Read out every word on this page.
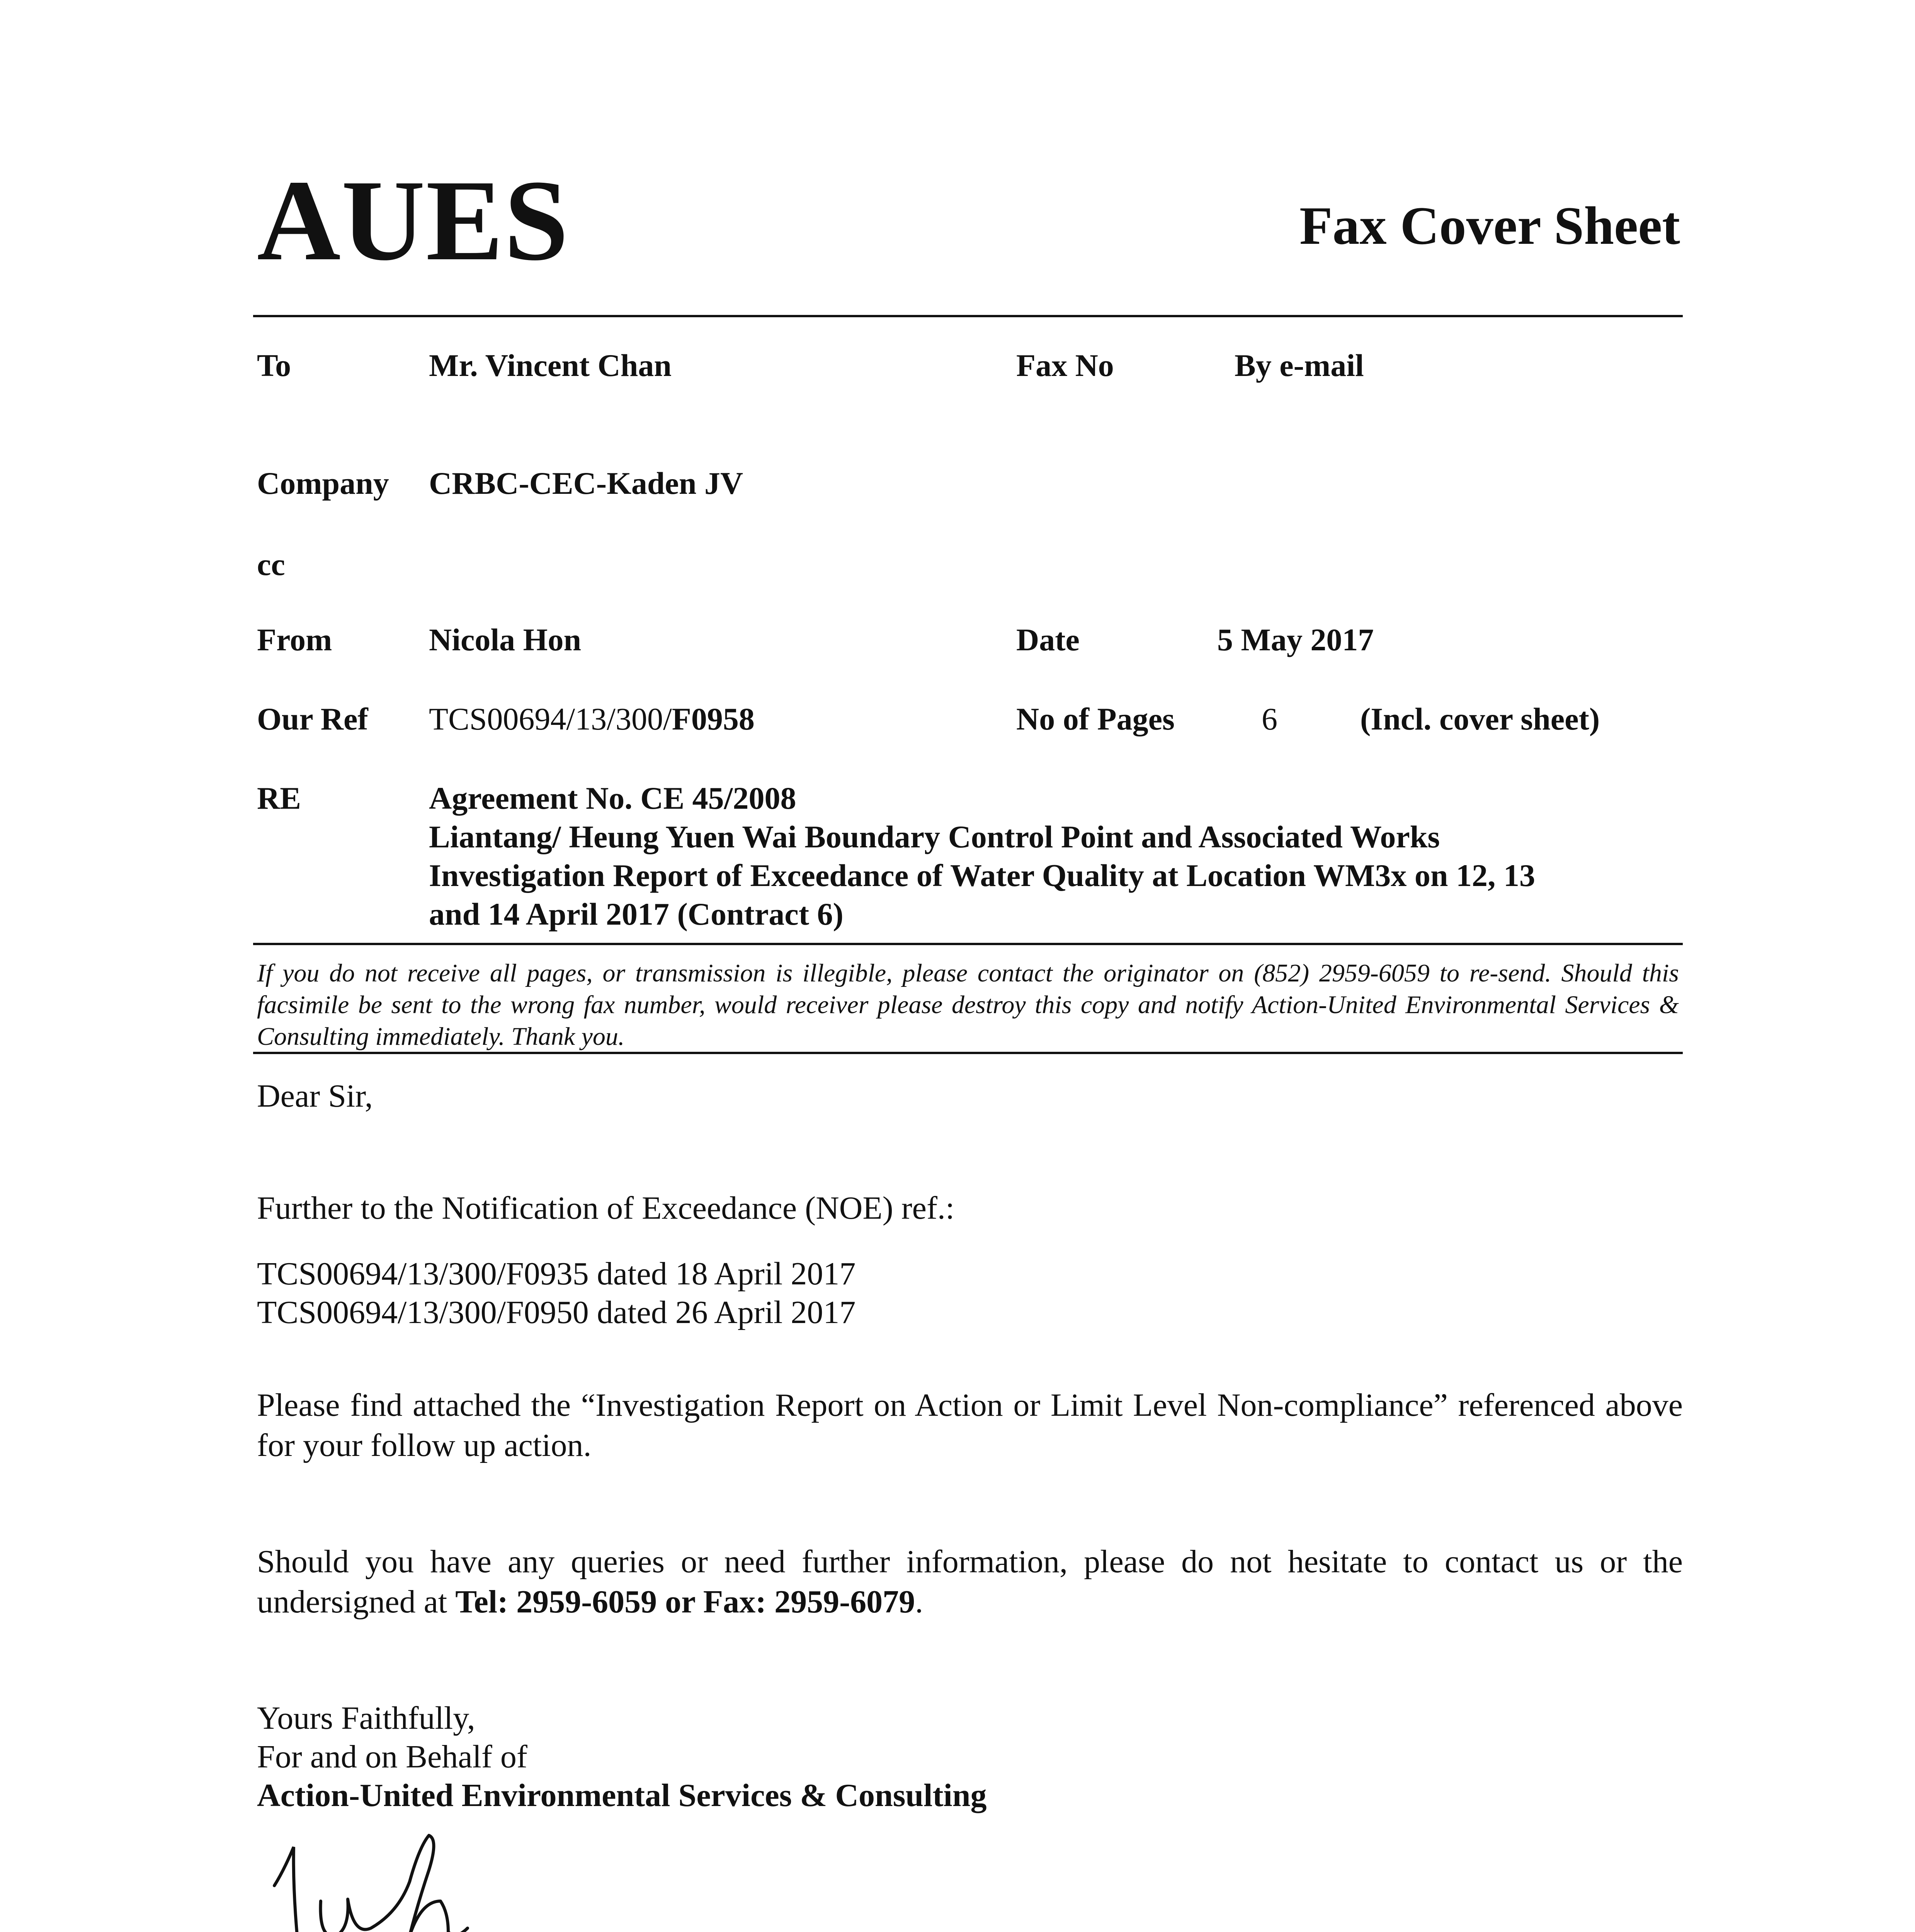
AUES	Fax Cover Sheet
To	Mr. Vincent Chan	Fax No	By e-mail
Company CRBC-CEC-Kaden JV
cc
From	Nicola Hon	Date	5 May 2017
Our Ref TCS00694/13/300/F0958	No of Pages	6	(Incl. cover sheet)
RE	Agreement No. CE 45/2008
Liantang/ Heung Yuen Wai Boundary Control Point and Associated Works
Investigation Report of Exceedance of Water Quality at Location WM3x on 12, 13
and 14 April 2017 (Contract 6)
If you do not receive all pages, or transmission is illegible, please contact the originator on (852) 2959-6059 to re-send. Should this facsimile be sent to the wrong fax number, would receiver please destroy this copy and notify Action-United Environmental Services & Consulting immediately. Thank you.
Dear Sir,
Further to the Notification of Exceedance (NOE) ref.:
TCS00694/13/300/F0935 dated 18 April 2017
TCS00694/13/300/F0950 dated 26 April 2017
Please find attached the “Investigation Report on Action or Limit Level Non-compliance” referenced above for your follow up action.
Should you have any queries or need further information, please do not hesitate to contact us or the undersigned at Tel: 2959-6059 or Fax: 2959-6079.
Yours Faithfully,
For and on Behalf of
Action-United Environmental Services & Consulting
